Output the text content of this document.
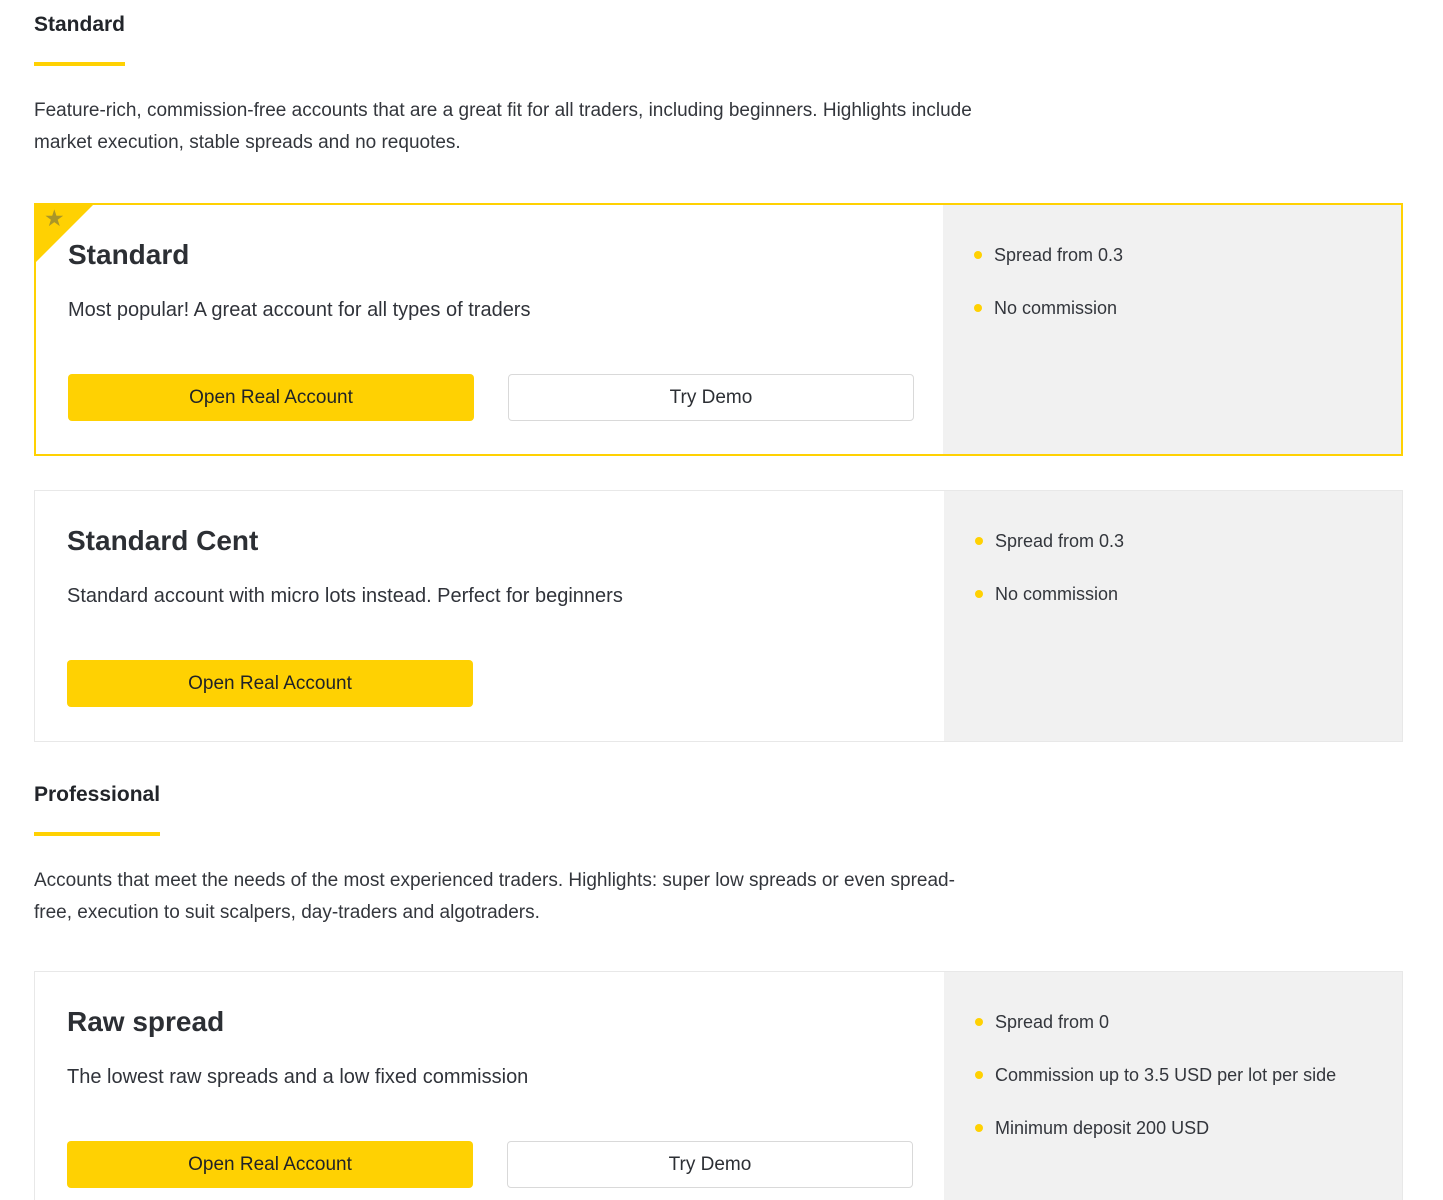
Standard

Feature-rich, commission-free accounts that are a great fit for all traders, including beginners. Highlights include market execution, stable spreads and no requotes.

★
Standard
Most popular! A great account for all types of traders
Open Real Account	Try Demo
Spread from 0.3
No commission
Standard Cent
Standard account with micro lots instead. Perfect for beginners
Open Real Account
Spread from 0.3
No commission
Professional

Accounts that meet the needs of the most experienced traders. Highlights: super low spreads or even spread-free, execution to suit scalpers, day-traders and algotraders.

Raw spread
The lowest raw spreads and a low fixed commission
Open Real Account	Try Demo
Spread from 0
Commission up to 3.5 USD per lot per side
Minimum deposit 200 USD
